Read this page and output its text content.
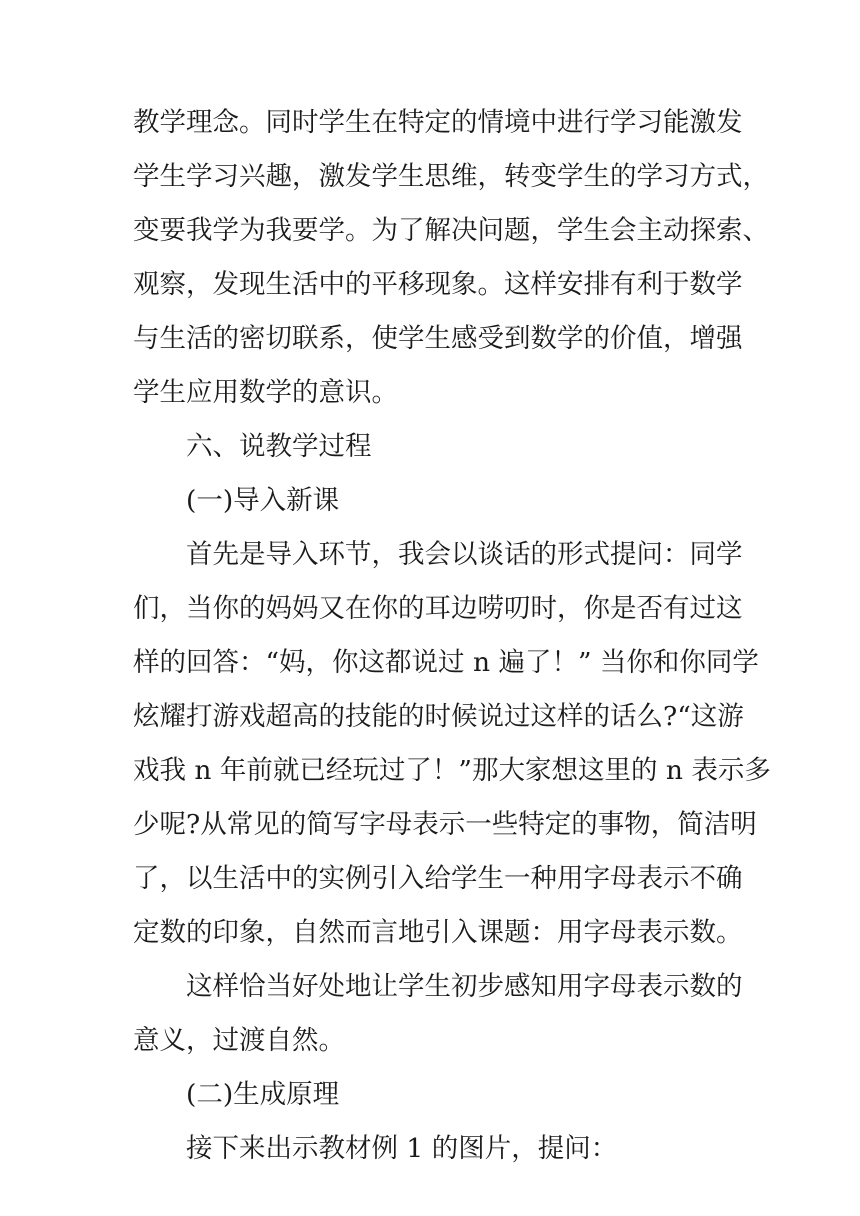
教学理念。同时学生在特定的情境中进行学习能激发
学生学习兴趣，激发学生思维，转变学生的学习方式，
变要我学为我要学。为了解决问题，学生会主动探索、
观察，发现生活中的平移现象。这样安排有利于数学
与生活的密切联系，使学生感受到数学的价值，增强
学生应用数学的意识。
六、说教学过程
(一)导入新课
首先是导入环节，我会以谈话的形式提问：同学
们，当你的妈妈又在你的耳边唠叨时，你是否有过这
样的回答：“妈，你这都说过 n 遍了！” 当你和你同学
炫耀打游戏超高的技能的时候说过这样的话么?“这游
戏我 n 年前就已经玩过了！”那大家想这里的 n 表示多
少呢?从常见的简写字母表示一些特定的事物，简洁明
了，以生活中的实例引入给学生一种用字母表示不确
定数的印象，自然而言地引入课题：用字母表示数。
这样恰当好处地让学生初步感知用字母表示数的
意义，过渡自然。
(二)生成原理
接下来出示教材例 1 的图片，提问：
